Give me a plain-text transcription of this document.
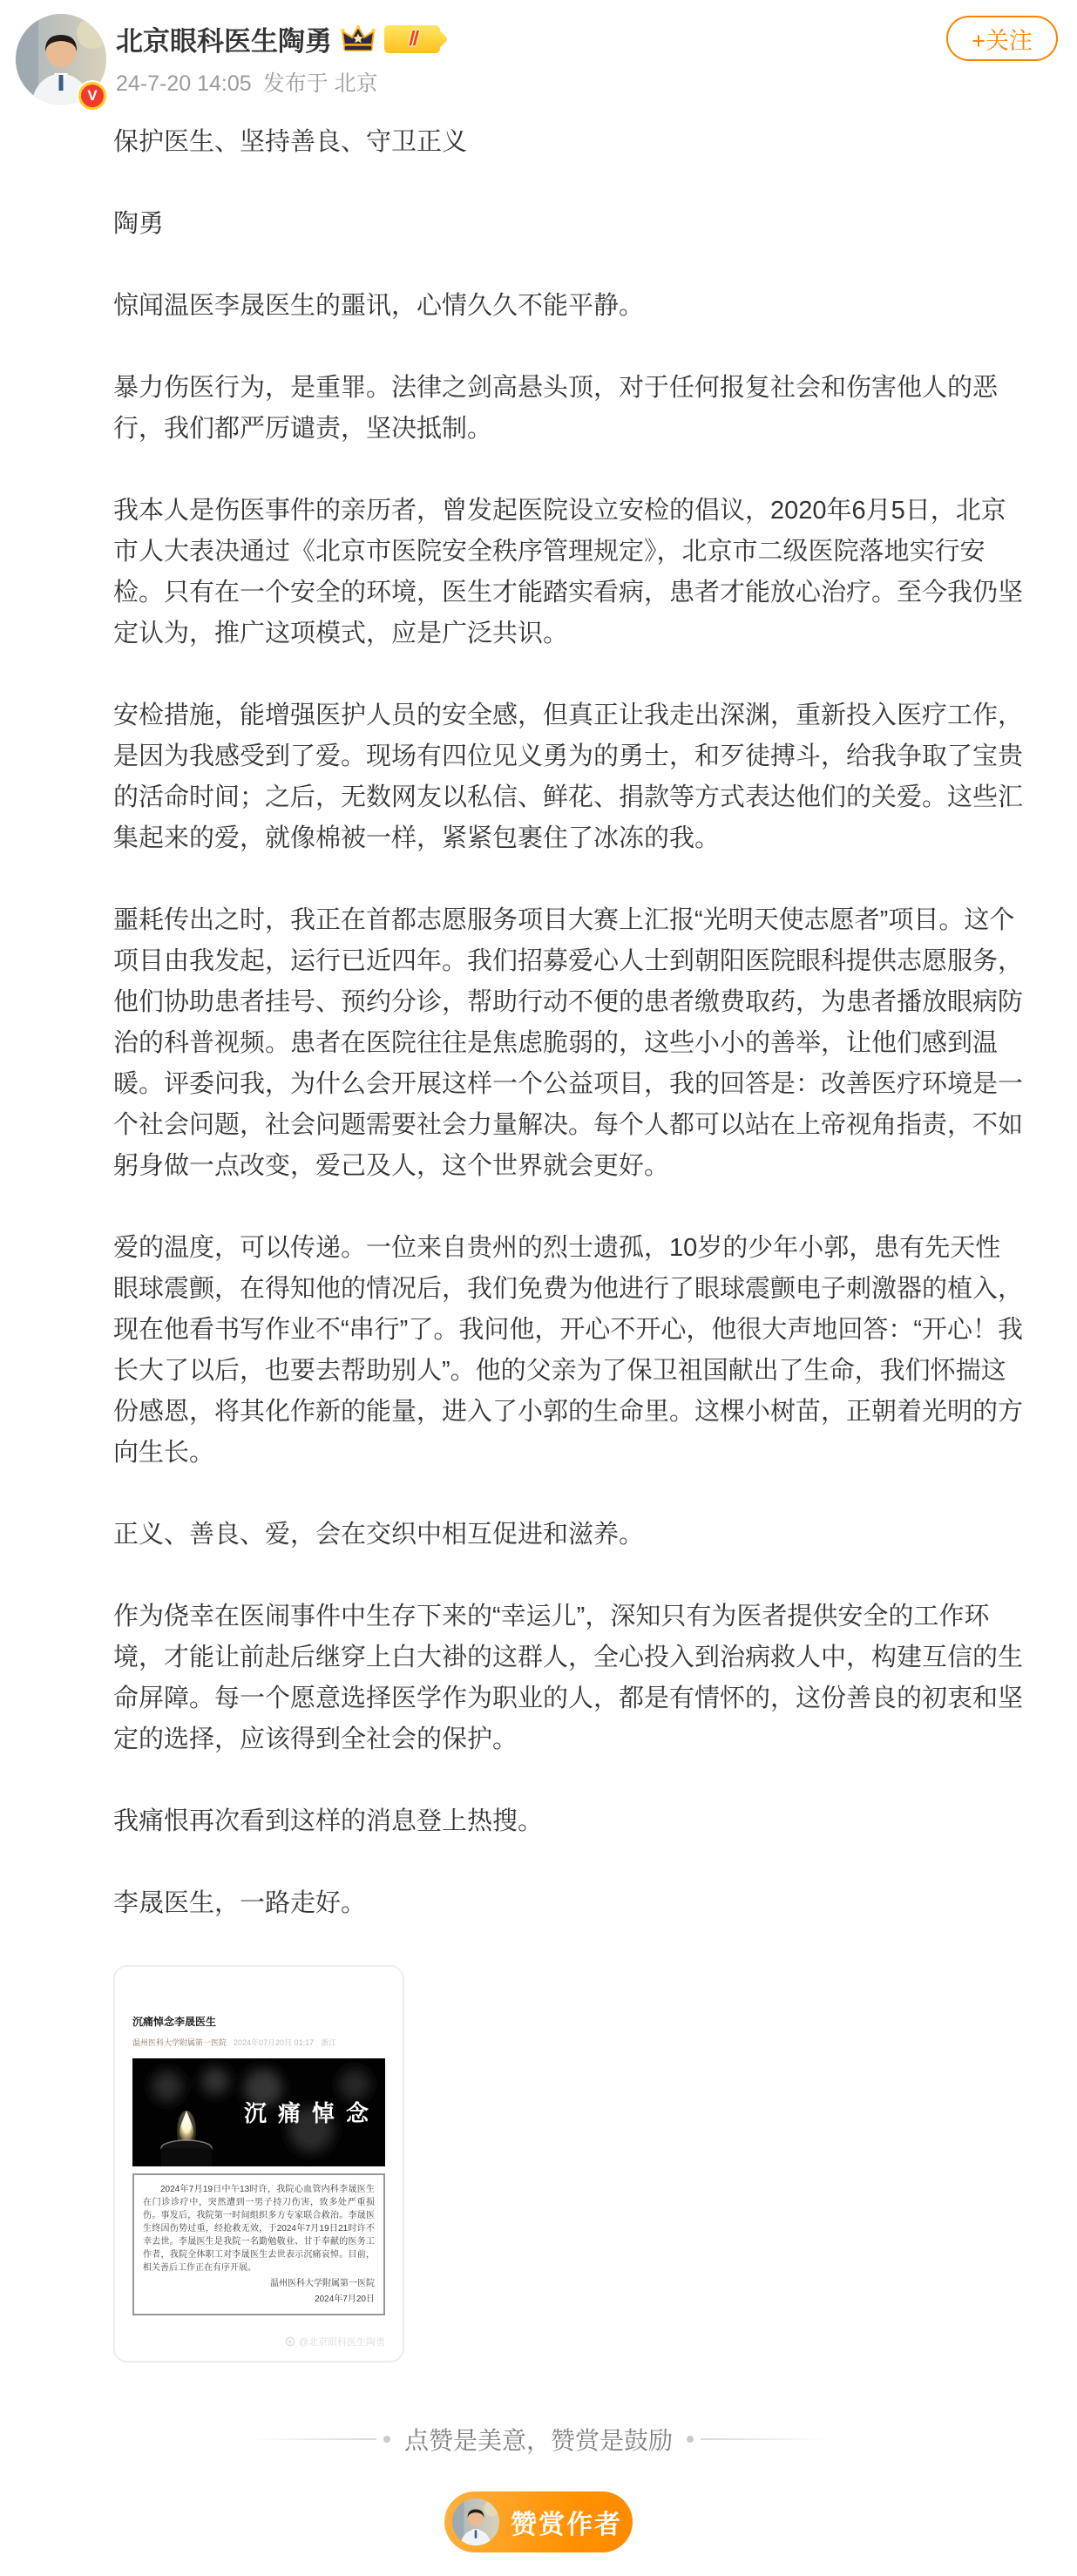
V
北京眼科医生陶勇	Ⅱ
24-7-20 14:05 发布于 北京
+关注

保护医生、坚持善良、守卫正义

陶勇

惊闻温医李晟医生的噩讯，心情久久不能平静。

暴力伤医行为，是重罪。法律之剑高悬头顶，对于任何报复社会和伤害他人的恶行，我们都严厉谴责，坚决抵制。

我本人是伤医事件的亲历者，曾发起医院设立安检的倡议，2020年6月5日，北京市人大表决通过《北京市医院安全秩序管理规定》，北京市二级医院落地实行安检。只有在一个安全的环境，医生才能踏实看病，患者才能放心治疗。至今我仍坚定认为，推广这项模式，应是广泛共识。

安检措施，能增强医护人员的安全感，但真正让我走出深渊，重新投入医疗工作，是因为我感受到了爱。现场有四位见义勇为的勇士，和歹徒搏斗，给我争取了宝贵的活命时间；之后，无数网友以私信、鲜花、捐款等方式表达他们的关爱。这些汇集起来的爱，就像棉被一样，紧紧包裹住了冰冻的我。

噩耗传出之时，我正在首都志愿服务项目大赛上汇报“光明天使志愿者”项目。这个项目由我发起，运行已近四年。我们招募爱心人士到朝阳医院眼科提供志愿服务，他们协助患者挂号、预约分诊，帮助行动不便的患者缴费取药，为患者播放眼病防治的科普视频。患者在医院往往是焦虑脆弱的，这些小小的善举，让他们感到温暖。评委问我，为什么会开展这样一个公益项目，我的回答是：改善医疗环境是一个社会问题，社会问题需要社会力量解决。每个人都可以站在上帝视角指责，不如躬身做一点改变，爱己及人，这个世界就会更好。

爱的温度，可以传递。一位来自贵州的烈士遗孤，10岁的少年小郭，患有先天性眼球震颤，在得知他的情况后，我们免费为他进行了眼球震颤电子刺激器的植入，现在他看书写作业不“串行”了。我问他，开心不开心，他很大声地回答：“开心！我长大了以后，也要去帮助别人”。他的父亲为了保卫祖国献出了生命，我们怀揣这份感恩，将其化作新的能量，进入了小郭的生命里。这棵小树苗，正朝着光明的方向生长。

正义、善良、爱，会在交织中相互促进和滋养。

作为侥幸在医闹事件中生存下来的“幸运儿”，深知只有为医者提供安全的工作环境，才能让前赴后继穿上白大褂的这群人，全心投入到治病救人中，构建互信的生命屏障。每一个愿意选择医学作为职业的人，都是有情怀的，这份善良的初衷和坚定的选择，应该得到全社会的保护。

我痛恨再次看到这样的消息登上热搜。

李晟医生，一路走好。

沉痛悼念李晟医生
温州医科大学附属第一医院 2024年07月20日 01:17 浙江
沉痛悼念
2024年7月19日中午13时许，我院心血管内科李晟医生在门诊诊疗中，突然遭到一男子持刀伤害，致多处严重损伤。事发后，我院第一时间组织多方专家联合救治。李晟医生终因伤势过重，经抢救无效，于2024年7月19日21时许不幸去世。李晟医生是我院一名勤勉敬业、甘于奉献的医务工作者，我院全体职工对李晟医生去世表示沉痛哀悼。目前，相关善后工作正在有序开展。
温州医科大学附属第一医院
2024年7月20日
@北京眼科医生陶勇
点赞是美意，赞赏是鼓励
赞赏作者
